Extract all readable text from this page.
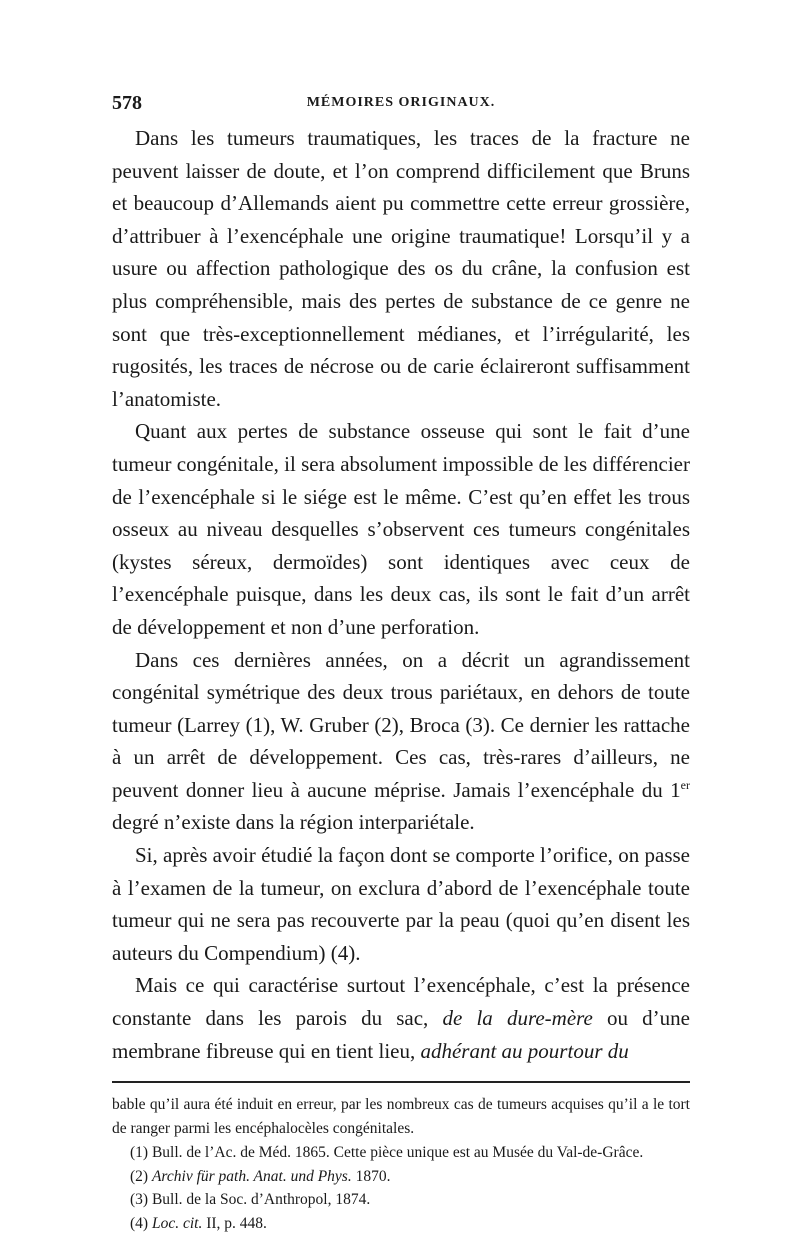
578	MÉMOIRES ORIGINAUX.

Dans les tumeurs traumatiques, les traces de la fracture ne peuvent laisser de doute, et l’on comprend difficilement que Bruns et beaucoup d’Allemands aient pu commettre cette erreur grossière, d’attribuer à l’exencéphale une origine traumatique! Lorsqu’il y a usure ou affection pathologique des os du crâne, la confusion est plus compréhensible, mais des pertes de substance de ce genre ne sont que très-exceptionnellement médianes, et l’irrégularité, les rugosités, les traces de nécrose ou de carie éclaireront suffisamment l’anatomiste.

Quant aux pertes de substance osseuse qui sont le fait d’une tumeur congénitale, il sera absolument impossible de les différencier de l’exencéphale si le siége est le même. C’est qu’en effet les trous osseux au niveau desquelles s’observent ces tumeurs congénitales (kystes séreux, dermoïdes) sont identiques avec ceux de l’exencéphale puisque, dans les deux cas, ils sont le fait d’un arrêt de développement et non d’une perforation.

Dans ces dernières années, on a décrit un agrandissement congénital symétrique des deux trous pariétaux, en dehors de toute tumeur (Larrey (1), W. Gruber (2), Broca (3). Ce dernier les rattache à un arrêt de développement. Ces cas, très-rares d’ailleurs, ne peuvent donner lieu à aucune méprise. Jamais l’exencéphale du 1er degré n’existe dans la région interpariétale.

Si, après avoir étudié la façon dont se comporte l’orifice, on passe à l’examen de la tumeur, on exclura d’abord de l’exencéphale toute tumeur qui ne sera pas recouverte par la peau (quoi qu’en disent les auteurs du Compendium) (4).

Mais ce qui caractérise surtout l’exencéphale, c’est la présence constante dans les parois du sac, de la dure-mère ou d’une membrane fibreuse qui en tient lieu, adhérant au pourtour du

bable qu’il aura été induit en erreur, par les nombreux cas de tumeurs acquises qu’il a le tort de ranger parmi les encéphalocèles congénitales.

(1) Bull. de l’Ac. de Méd. 1865. Cette pièce unique est au Musée du Val-de-Grâce.

(2) Archiv für path. Anat. und Phys. 1870.

(3) Bull. de la Soc. d’Anthropol, 1874.

(4) Loc. cit. II, p. 448.
